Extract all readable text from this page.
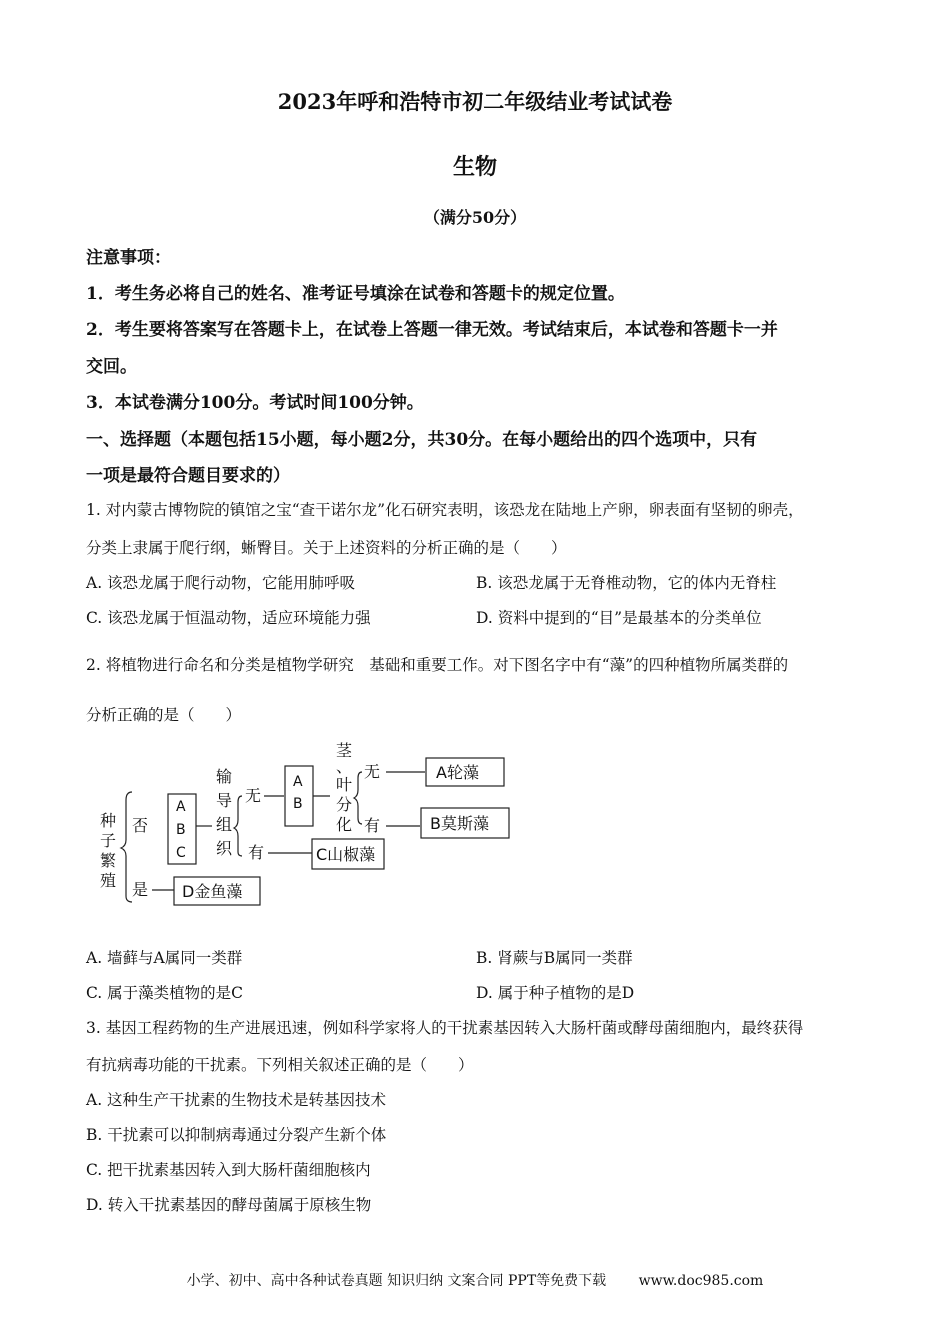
2023年呼和浩特市初二年级结业考试试卷
生物
（满分50分）
注意事项：
1．考生务必将自己的姓名、准考证号填涂在试卷和答题卡的规定位置。
2．考生要将答案写在答题卡上，在试卷上答题一律无效。考试结束后，本试卷和答题卡一并
交回。
3．本试卷满分100分。考试时间100分钟。
一、选择题（本题包括15小题，每小题2分，共30分。在每小题给出的四个选项中，只有
一项是最符合题目要求的）
1. 对内蒙古博物院的镇馆之宝“查干诺尔龙”化石研究表明，该恐龙在陆地上产卵，卵表面有坚韧的卵壳，
分类上隶属于爬行纲，蜥臀目。关于上述资料的分析正确的是（　　）
A. 该恐龙属于爬行动物，它能用肺呼吸	B. 该恐龙属于无脊椎动物，它的体内无脊柱
C. 该恐龙属于恒温动物，适应环境能力强	D. 资料中提到的“目”是最基本的分类单位
2. 将植物进行命名和分类是植物学研究　基础和重要工作。对下图名字中有“藻”的四种植物所属类群的
分析正确的是（　　）
种
子
繁
殖
否
是
A
B
C
输
导
组
织
无
有
A
B
茎
、
叶
分
化
无
有
A轮藻
B莫斯藻
C山椒藻
D金鱼藻
A. 墙藓与A属同一类群	B. 肾蕨与B属同一类群
C. 属于藻类植物的是C	D. 属于种子植物的是D
3. 基因工程药物的生产进展迅速，例如科学家将人的干扰素基因转入大肠杆菌或酵母菌细胞内，最终获得
有抗病毒功能的干扰素。下列相关叙述正确的是（　　）
A. 这种生产干扰素的生物技术是转基因技术
B. 干扰素可以抑制病毒通过分裂产生新个体
C. 把干扰素基因转入到大肠杆菌细胞核内
D. 转入干扰素基因的酵母菌属于原核生物
小学、初中、高中各种试卷真题 知识归纳 文案合同 PPT等免费下载 www.doc985.com
